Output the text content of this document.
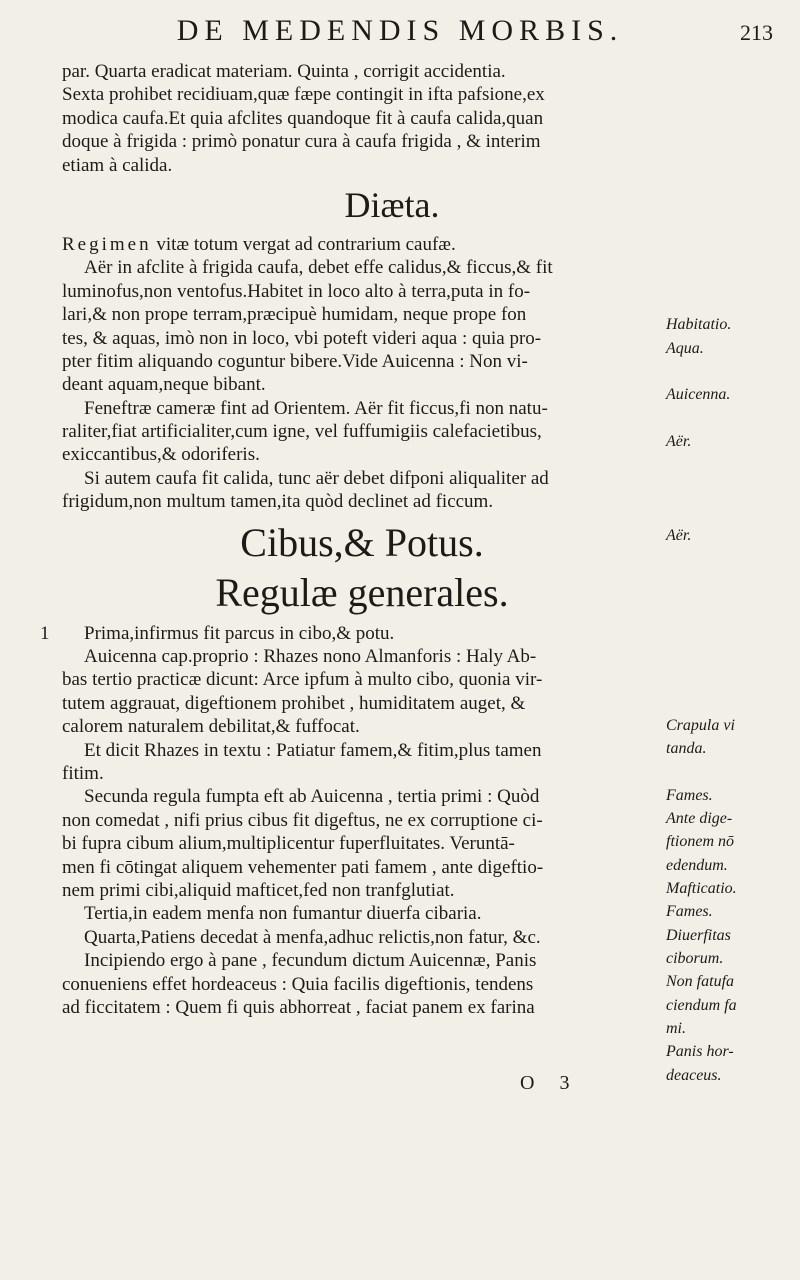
DE MEDENDIS MORBIS.	213
par. Quarta eradicat materiam. Quinta , corrigit accidentia.
Sexta prohibet recidiuam,quæ fæpe contingit in ifta pafsione,ex
modica caufa.Et quia afclites quandoque fit à caufa calida,quan
doque à frigida : primò ponatur cura à caufa frigida , & interim
etiam à calida.
Diæta.
Regimen vitæ totum vergat ad contrarium caufæ.
Aër in afclite à frigida caufa, debet effe calidus,& ficcus,& fit
luminofus,non ventofus.Habitet in loco alto à terra,puta in fo-
lari,& non prope terram,præcipuè humidam, neque prope fon
tes, & aquas, imò non in loco, vbi poteft videri aqua : quia pro-
pter fitim aliquando coguntur bibere.Vide Auicenna : Non vi-
deant aquam,neque bibant.
Feneftræ cameræ fint ad Orientem. Aër fit ficcus,fi non natu-
raliter,fiat artificialiter,cum igne, vel fuffumigiis calefacietibus,
exiccantibus,& odoriferis.
Si autem caufa fit calida, tunc aër debet difponi aliqualiter ad
frigidum,non multum tamen,ita quòd declinet ad ficcum.
Cibus,& Potus.
Regulæ generales.
1 Prima,infirmus fit parcus in cibo,& potu.
Auicenna cap.proprio : Rhazes nono Almanforis : Haly Ab-
bas tertio practicæ dicunt: Arce ipfum à multo cibo, quonia vir-
tutem aggrauat, digeftionem prohibet , humiditatem auget, &
calorem naturalem debilitat,& fuffocat.
Et dicit Rhazes in textu : Patiatur famem,& fitim,plus tamen
fitim.
Secunda regula fumpta eft ab Auicenna , tertia primi : Quòd
non comedat , nifi prius cibus fit digeftus, ne ex corruptione ci-
bi fupra cibum alium,multiplicentur fuperfluitates. Veruntā-
men fi cōtingat aliquem vehementer pati famem , ante digeftio-
nem primi cibi,aliquid mafticet,fed non tranfglutiat.
Tertia,in eadem menfa non fumantur diuerfa cibaria.
Quarta,Patiens decedat à menfa,adhuc relictis,non fatur, &c.
Incipiendo ergo à pane , fecundum dictum Auicennæ, Panis
conueniens effet hordeaceus : Quia facilis digeftionis, tendens
ad ficcitatem : Quem fi quis abhorreat , faciat panem ex farina
Habitatio.
Aqua.
Auicenna.
Aër.
Aër.
Crapula vi
tanda.
Fames.
Ante dige-
ftionem nō
edendum.
Mafticatio.
Fames.
Diuerfitas
ciborum.
Non fatufa
ciendum fa
mi.
Panis hor-
deaceus.
O 3
